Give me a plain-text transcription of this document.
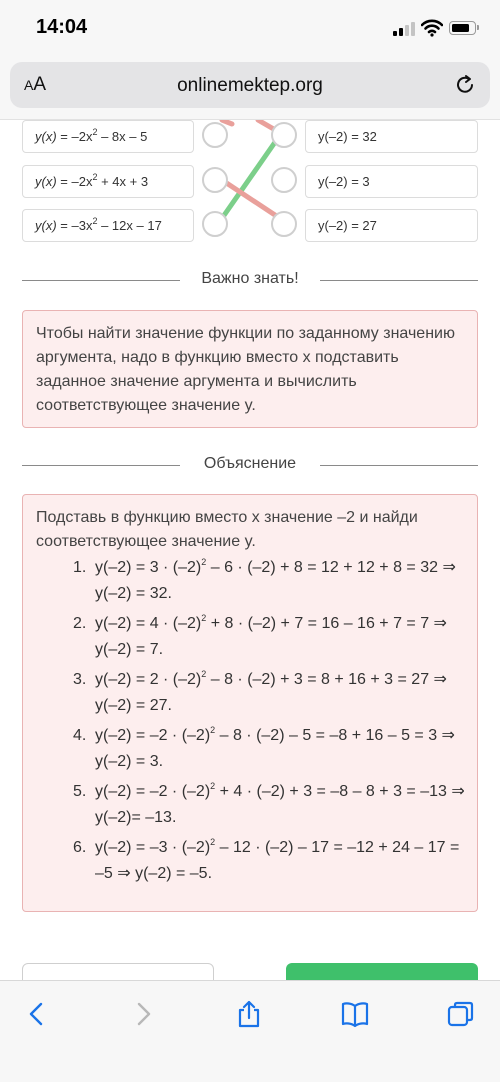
14:04
AA	onlinemektep.org
$y(x) = -2x^2 - 8x - 5$
$y(x) = -2x^2 + 4x + 3$
$y(x) = -3x^2 - 12x - 17$
y(–2) = 32
y(–2) = 3
y(–2) = 27
Важно знать!
Чтобы найти значение функции по заданному значению аргумента, надо в функцию вместо x подставить заданное значение аргумента и вычислить соответствующее значение y.
Объяснение
Подставь в функцию вместо x значение –2 и найди соответствующее значение y.
1. $y(-2) = 3 \cdot (-2)^2 - 6 \cdot (-2) + 8 = 12 + 12 + 8 = 32$ ⇒ y(–2) = 32.
2. $y(-2) = 4 \cdot (-2)^2 + 8 \cdot (-2) + 7 = 16 - 16 + 7 = 7$ ⇒ y(–2) = 7.
3. $y(-2) = 2 \cdot (-2)^2 - 8 \cdot (-2) + 3 = 8 + 16 + 3 = 27$ ⇒ y(–2) = 27.
4. $y(-2) = -2 \cdot (-2)^2 - 8 \cdot (-2) - 5 = -8 + 16 - 5 = 3$ ⇒ y(–2) = 3.
5. $y(-2) = -2 \cdot (-2)^2 + 4 \cdot (-2) + 3 = -8 - 8 + 3 = -13$ ⇒ y(–2)= –13.
6. $y(-2) = -3 \cdot (-2)^2 - 12 \cdot (-2) - 17 = -12 + 24 - 17 = -5$ ⇒ y(–2) = –5.
